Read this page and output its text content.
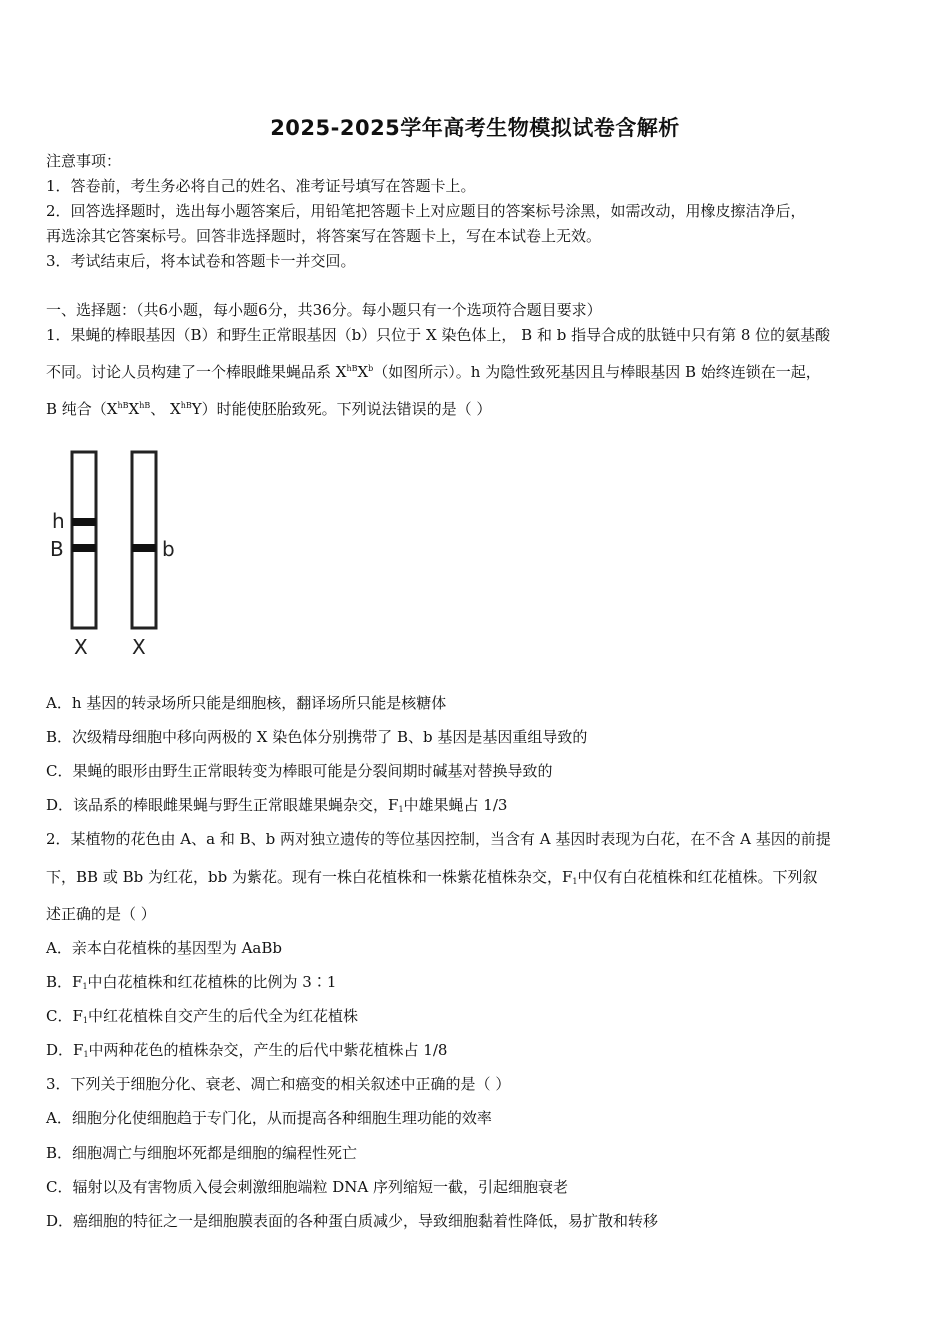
2025-2025学年高考生物模拟试卷含解析
注意事项：
1．答卷前，考生务必将自己的姓名、准考证号填写在答题卡上。
2．回答选择题时，选出每小题答案后，用铅笔把答题卡上对应题目的答案标号涂黑，如需改动，用橡皮擦洁净后，
再选涂其它答案标号。回答非选择题时，将答案写在答题卡上，写在本试卷上无效。
3．考试结束后，将本试卷和答题卡一并交回。
一、选择题：（共6小题，每小题6分，共36分。每小题只有一个选项符合题目要求）
1．果蝇的棒眼基因（B）和野生正常眼基因（b）只位于 X 染色体上， B 和 b 指导合成的肽链中只有第 8 位的氨基酸
不同。讨论人员构建了一个棒眼雌果蝇品系 $X^{hB}X^b$（如图所示）。h 为隐性致死基因且与棒眼基因 B 始终连锁在一起，
B 纯合（$X^{hB}X^{hB}$、 $X^{hB}Y$）时能使胚胎致死。下列说法错误的是（ ）
h
B	b
X X
A．h 基因的转录场所只能是细胞核，翻译场所只能是核糖体
B．次级精母细胞中移向两极的 X 染色体分别携带了 B、b 基因是基因重组导致的
C．果蝇的眼形由野生正常眼转变为棒眼可能是分裂间期时碱基对替换导致的
D．该品系的棒眼雌果蝇与野生正常眼雄果蝇杂交，$F_1$中雄果蝇占 1/3
2．某植物的花色由 A、a 和 B、b 两对独立遗传的等位基因控制，当含有 A 基因时表现为白花，在不含 A 基因的前提
下，BB 或 Bb 为红花，bb 为紫花。现有一株白花植株和一株紫花植株杂交，$F_1$中仅有白花植株和红花植株。下列叙
述正确的是（ ）
A．亲本白花植株的基因型为 AaBb
B．$F_1$中白花植株和红花植株的比例为 3∶1
C．$F_1$中红花植株自交产生的后代全为红花植株
D．$F_1$中两种花色的植株杂交，产生的后代中紫花植株占 1/8
3．下列关于细胞分化、衰老、凋亡和癌变的相关叙述中正确的是（ ）
A．细胞分化使细胞趋于专门化，从而提高各种细胞生理功能的效率
B．细胞凋亡与细胞坏死都是细胞的编程性死亡
C．辐射以及有害物质入侵会刺激细胞端粒 DNA 序列缩短一截，引起细胞衰老
D．癌细胞的特征之一是细胞膜表面的各种蛋白质减少，导致细胞黏着性降低，易扩散和转移
